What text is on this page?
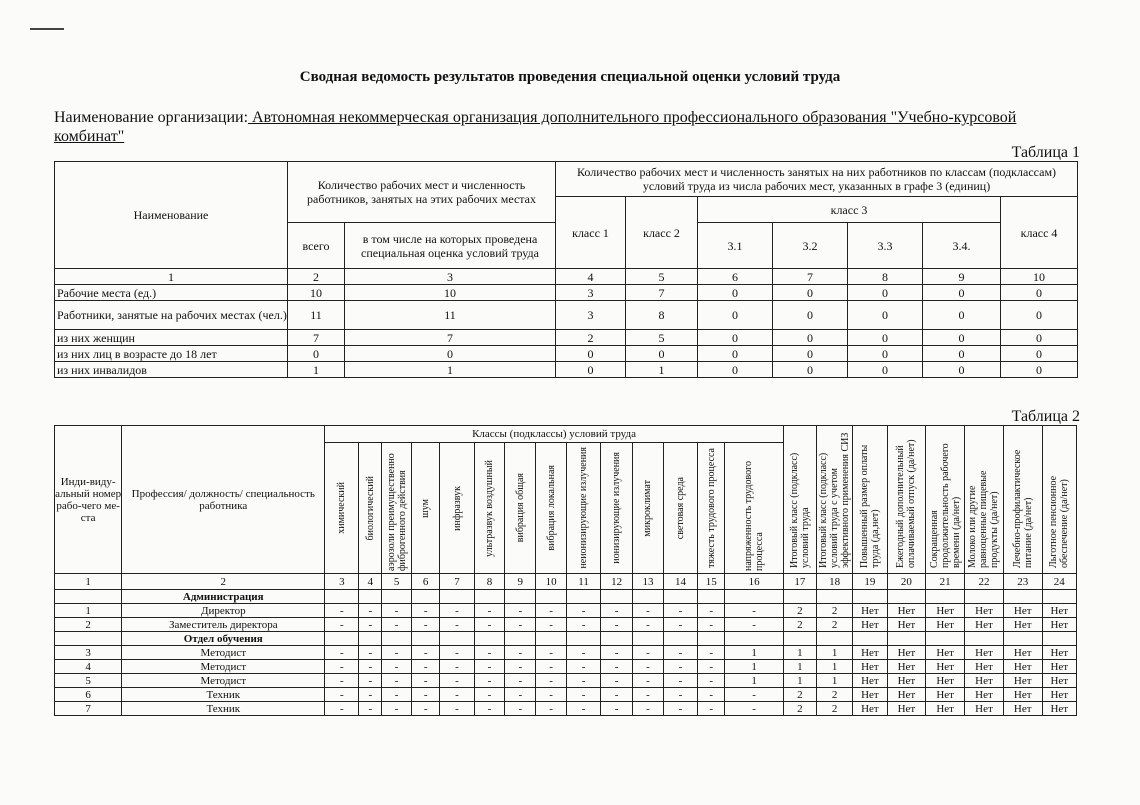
Сводная ведомость результатов проведения специальной оценки условий труда
Наименование организации: Автономная некоммерческая организация дополнительного профессионального образования "Учебно-курсовой комбинат"
Таблица 1
Наименование	Количество рабочих мест и численность работников, занятых на этих рабочих местах		Количество рабочих мест и численность занятых на них работников по классам (подклассам) условий труда из числа рабочих мест, указанных в графе 3 (единиц)						
			класс 1	класс 2	класс 3				класс 4
	всего	в том числе на которых проведена специальная оценка условий труда			3.1	3.2	3.3	3.4.	
1	2	3	4	5	6	7	8	9	10
Рабочие места (ед.)	10	10	3	7	0	0	0	0	0
Работники, занятые на рабочих местах (чел.)	11	11	3	8	0	0	0	0	0
из них женщин	7	7	2	5	0	0	0	0	0
из них лиц в возрасте до 18 лет	0	0	0	0	0	0	0	0	0
из них инвалидов	1	1	0	1	0	0	0	0	0
Таблица 2
Инди-виду-альный номер рабо-чего ме-ста	Профессия/ должность/ специальность работника	Классы (подклассы) условий труда														Итоговый класс (подкласс) условий труда	Итоговый класс (подкласс) условий труда с учетом эффективного применения СИЗ	Повышенный размер оплаты труда (да,нет)	Ежегодный дополнительный оплачиваемый отпуск (да/нет)	Сокращенная продолжительность рабочего времени (да/нет)	Молоко или другие равноценные пищевые продукты (да/нет)	Лечебно-профилактическое питание (да/нет)	Льготное пенсионное обеспечение (да/нет)

		химический	биологический	аэрозоли преимущественно фиброгенного действия	шум	инфразвук	ультразвук воздушный	вибрация общая	вибрация локальная	неионизирующие излучения	ионизирующие излучения	микроклимат	световая среда	тяжесть трудового процесса	напряженность трудового процесса								

1	2	3	4	5	6	7	8	9	10	11	12	13	14	15	16	17	18	19	20	21	22	23	24
	Администрация																						
1	Директор	-	-	-	-	-	-	-	-	-	-	-	-	-	-	2	2	Нет	Нет	Нет	Нет	Нет	Нет
2	Заместитель директора	-	-	-	-	-	-	-	-	-	-	-	-	-	-	2	2	Нет	Нет	Нет	Нет	Нет	Нет
	Отдел обучения																						
3	Методист	-	-	-	-	-	-	-	-	-	-	-	-	-	1	1	1	Нет	Нет	Нет	Нет	Нет	Нет
4	Методист	-	-	-	-	-	-	-	-	-	-	-	-	-	1	1	1	Нет	Нет	Нет	Нет	Нет	Нет
5	Методист	-	-	-	-	-	-	-	-	-	-	-	-	-	1	1	1	Нет	Нет	Нет	Нет	Нет	Нет
6	Техник	-	-	-	-	-	-	-	-	-	-	-	-	-	-	2	2	Нет	Нет	Нет	Нет	Нет	Нет
7	Техник	-	-	-	-	-	-	-	-	-	-	-	-	-	-	2	2	Нет	Нет	Нет	Нет	Нет	Нет
